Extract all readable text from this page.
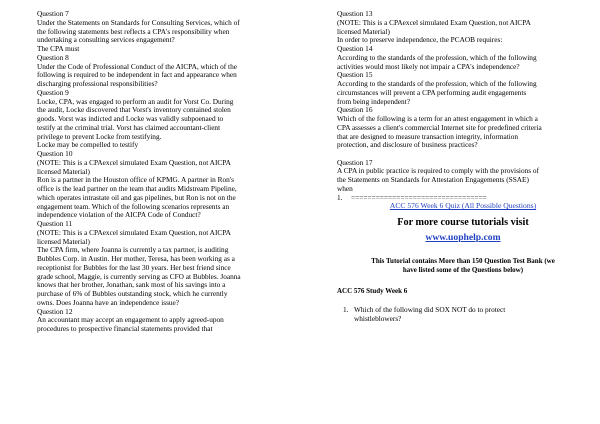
Question 7

Under the Statements on Standards for Consulting Services, which of

the following statements best reflects a CPA's responsibility when

undertaking a consulting services engagement?

The CPA must

Question 8

Under the Code of Professional Conduct of the AICPA, which of the

following is required to be independent in fact and appearance when

discharging professional responsibilities?

Question 9

Locke, CPA, was engaged to perform an audit for Vorst Co. During

the audit, Locke discovered that Vorst's inventory contained stolen

goods. Vorst was indicted and Locke was validly subpoenaed to

testify at the criminal trial. Vorst has claimed accountant-client

privilege to prevent Locke from testifying.

Locke may be compelled to testify

Question 10

(NOTE: This is a CPAexcel simulated Exam Question, not AICPA

licensed Material)

Ron is a partner in the Houston office of KPMG. A partner in Ron's

office is the lead partner on the team that audits Midstream Pipeline,

which operates intrastate oil and gas pipelines, but Ron is not on the

engagement team. Which of the following scenarios represents an

independence violation of the AICPA Code of Conduct?

Question 11

(NOTE: This is a CPAexcel simulated Exam Question, not AICPA

licensed Material)

The CPA firm, where Joanna is currently a tax partner, is auditing

Bubbles Corp. in Austin. Her mother, Teresa, has been working as a

receptionist for Bubbles for the last 30 years. Her best friend since

grade school, Maggie, is currently serving as CFO at Bubbles. Joanna

knows that her brother, Jonathan, sank most of his savings into a

purchase of 6% of Bubbles outstanding stock, which he currently

owns. Does Joanna have an independence issue?

Question 12

An accountant may accept an engagement to apply agreed-upon

procedures to prospective financial statements provided that

Question 13

(NOTE: This is a CPAexcel simulated Exam Question, not AICPA

licensed Material)

In order to preserve independence, the PCAOB requires:

Question 14

According to the standards of the profession, which of the following

activities would most likely not impair a CPA's independence?

Question 15

According to the standards of the profession, which of the following

circumstances will prevent a CPA performing audit engagements

from being independent?

Question 16

Which of the following is a term for an attest engagement in which a

CPA assesses a client's commercial Internet site for predefined criteria

that are designed to measure transaction integrity, information

protection, and disclosure of business practices?

Question 17

A CPA in public practice is required to comply with the provisions of

the Statements on Standards for Attestation Engagements (SSAE)

when

1.	=================================

ACC 576 Week 6 Quiz (All Possible Questions)

For more course tutorials visit

www.uophelp.com

This Tutorial contains More than 150 Question Test Bank (we
have listed some of the Questions below)

ACC 576 Study Week 6

1. Which of the following did SOX NOT do to protect
whistleblowers?
